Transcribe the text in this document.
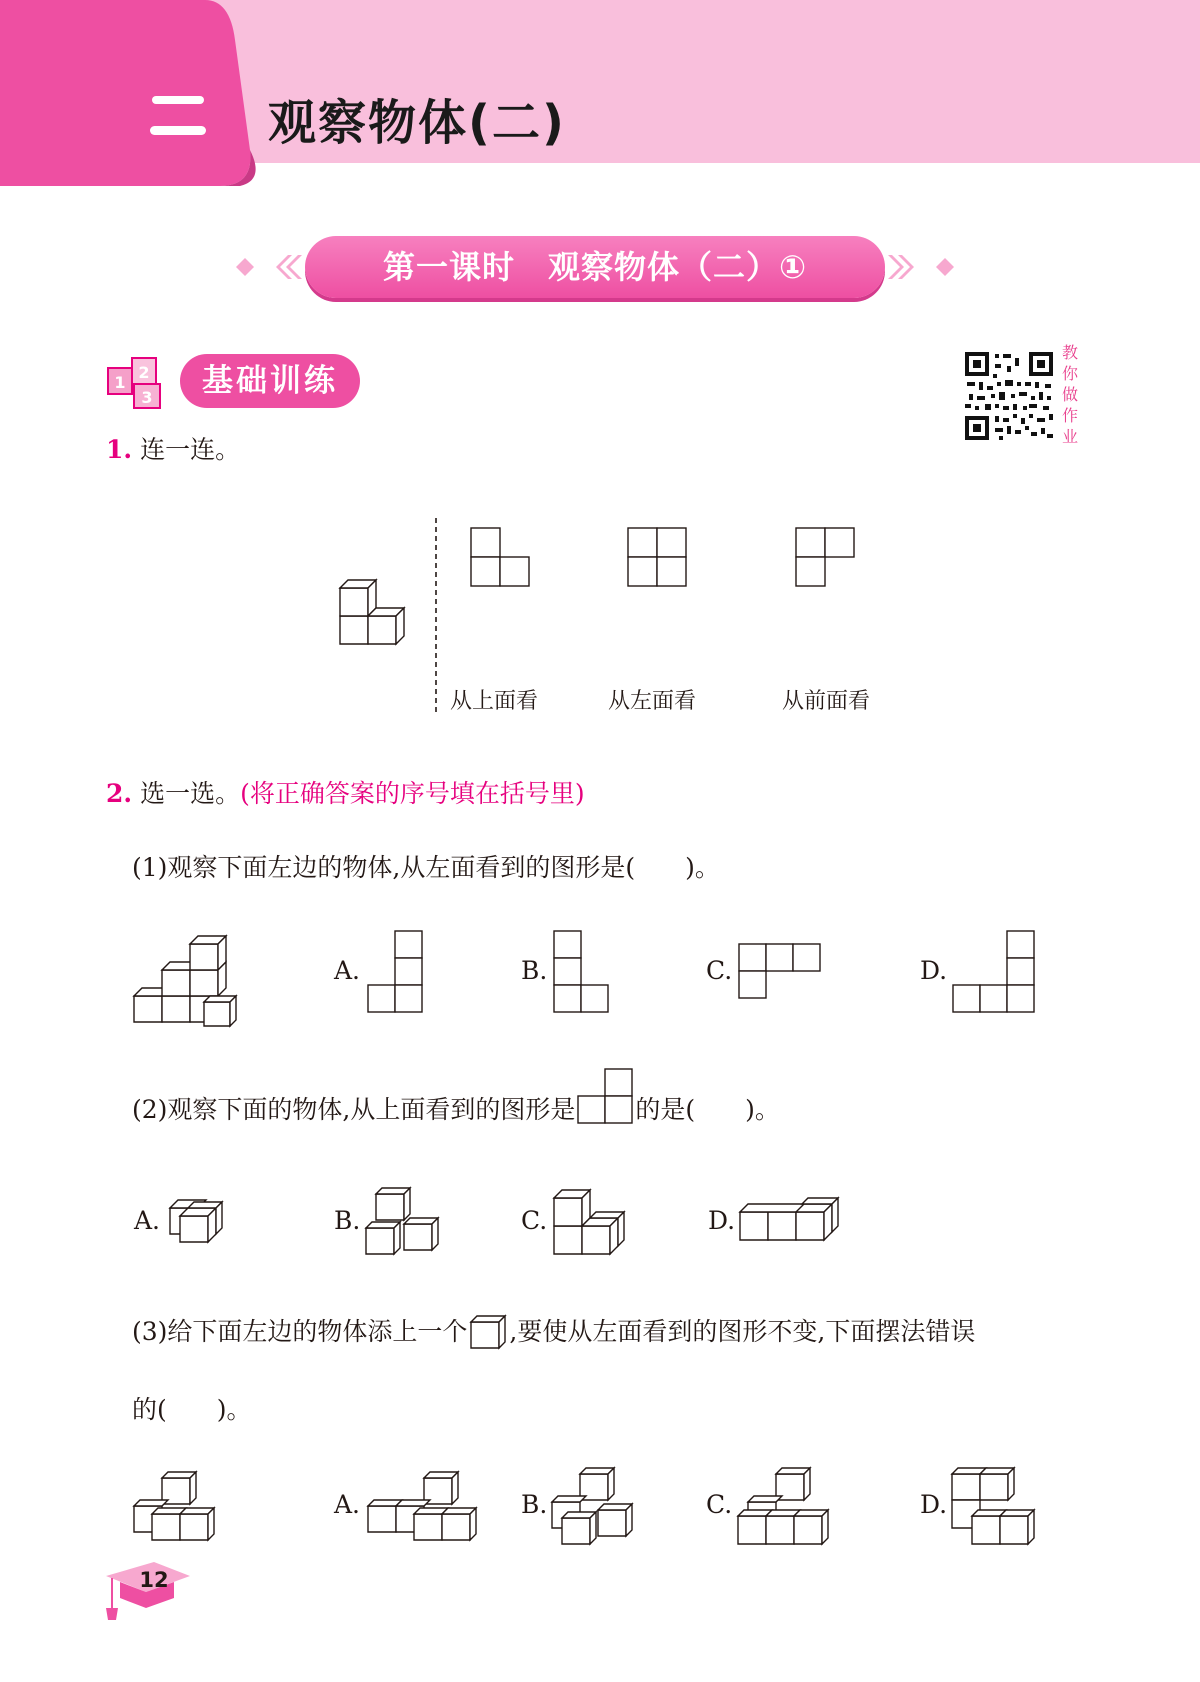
观察物体(二)
第一课时　观察物体（二）①
1
2
3	基础训练
教
你
做
作
业
1. 连一连。
从上面看	从左面看	从前面看
2. 选一选。(将正确答案的序号填在括号里)
(1)观察下面左边的物体,从左面看到的图形是(　　)。
A.	B.	C.	D.
(2)观察下面的物体,从上面看到的图形是 的是(　　)。
A.	B.	C.	D.
(3)给下面左边的物体添上一个 ,要使从左面看到的图形不变,下面摆法错误
的(　　)。
A.	B.	C.	D.
12
